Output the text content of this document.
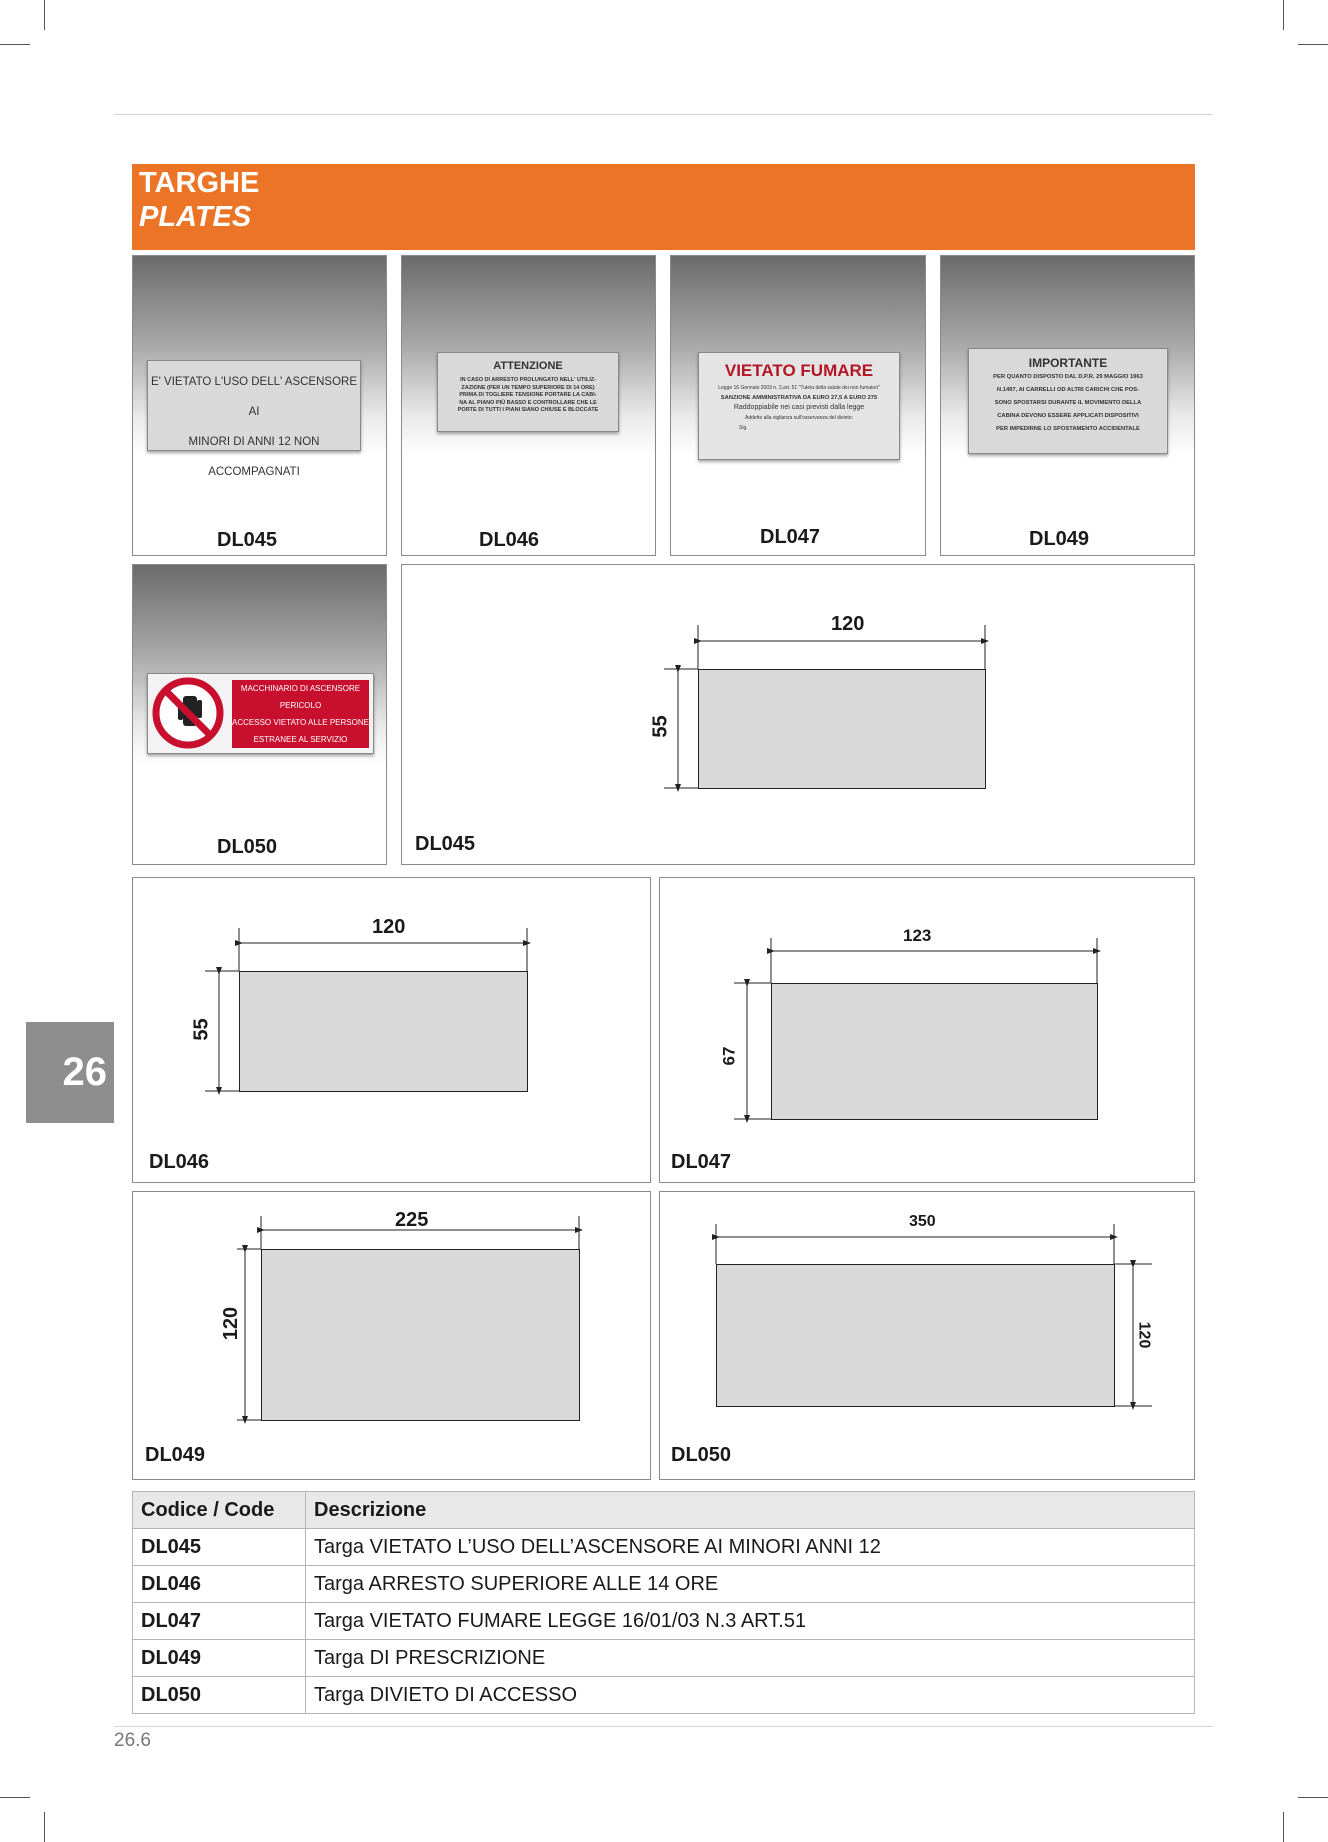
TARGHE
PLATES
E' VIETATO L'USO DELL' ASCENSORE AI
MINORI DI ANNI 12 NON ACCOMPAGNATI
DL045
ATTENZIONE
IN CASO DI ARRESTO PROLUNGATO NELL' UTILIZ-
ZAZIONE (PER UN TEMPO SUPERIORE DI 14 ORE)
PRIMA DI TOGLIERE TENSIONE PORTARE LA CABI-
NA AL PIANO PIÙ BASSO E CONTROLLARE CHE LE
PORTE DI TUTTI I PIANI SIANO CHIUSE E BLOCCATE
DL046
VIETATO FUMARE
Legge 16 Gennaio 2003 n. 3,art. 51 "Tutela della salute dei non fumatori"
SANZIONE AMMINISTRATIVA DA EURO 27,5 A EURO 275
Raddoppiabile nei casi previsti dalla legge
Addetto alla vigilanza sull'osservanza del divieto:
Sig.
DL047
IMPORTANTE
PER QUANTO DISPOSTO DAL D.P.R. 29 MAGGIO 1963
N.1497, AI CARRELLI OD ALTRI CARICHI CHE POS-
SONO SPOSTARSI DURANTE IL MOVIMENTO DELLA
CABINA DEVONO ESSERE APPLICATI DISPOSITIVI
PER IMPEDIRNE LO SPOSTAMENTO ACCIDENTALE
DL049
MACCHINARIO DI ASCENSORE
PERICOLO
ACCESSO VIETATO ALLE PERSONE
ESTRANEE AL SERVIZIO
DL050
120
55
DL045
120
55
DL046
123
67
DL047
225
120
DL049
350
120
DL050
26
Codice / Code	Descrizione
DL045	Targa VIETATO L’USO DELL’ASCENSORE AI MINORI ANNI 12
DL046	Targa ARRESTO SUPERIORE ALLE 14 ORE
DL047	Targa VIETATO FUMARE LEGGE 16/01/03 N.3 ART.51
DL049	Targa DI PRESCRIZIONE
DL050	Targa DIVIETO DI ACCESSO
26.6
